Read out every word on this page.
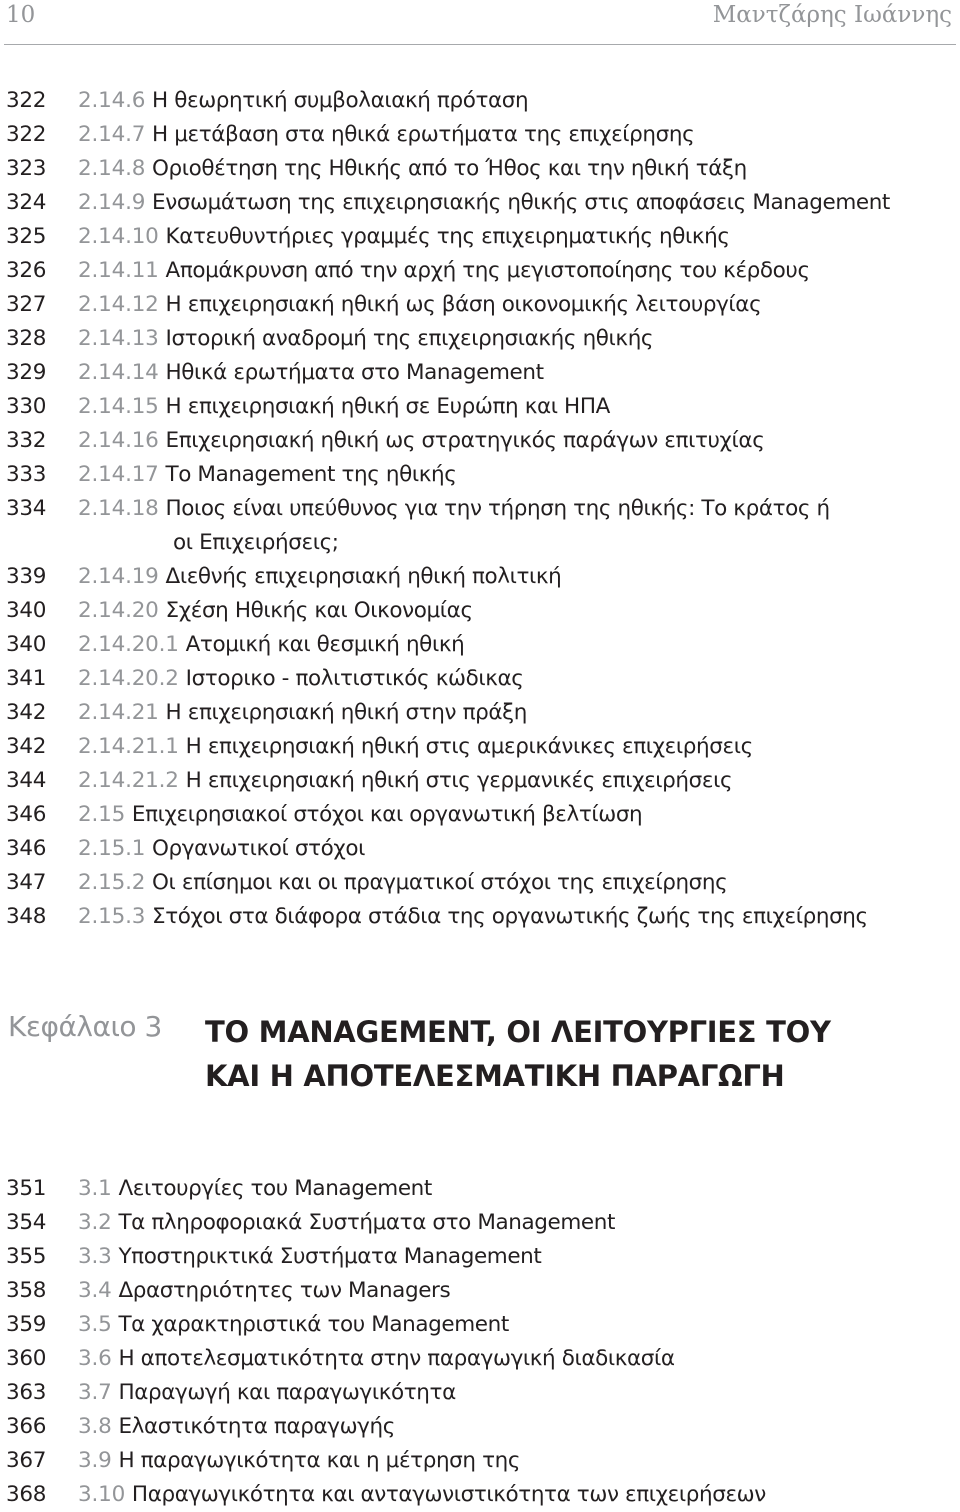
10	Μαντζάρης Ιωάννης
322 2.14.6 Η θεωρητική συμβολαιακή πρόταση
322 2.14.7 Η μετάβαση στα ηθικά ερωτήματα της επιχείρησης
323 2.14.8 Οριοθέτηση της Ηθικής από το Ήθος και την ηθική τάξη
324 2.14.9 Ενσωμάτωση της επιχειρησιακής ηθικής στις αποφάσεις Management
325 2.14.10 Κατευθυντήριες γραμμές της επιχειρηματικής ηθικής
326 2.14.11 Απομάκρυνση από την αρχή της μεγιστοποίησης του κέρδους
327 2.14.12 Η επιχειρησιακή ηθική ως βάση οικονομικής λειτουργίας
328 2.14.13 Ιστορική αναδρομή της επιχειρησιακής ηθικής
329 2.14.14 Ηθικά ερωτήματα στο Management
330 2.14.15 Η επιχειρησιακή ηθική σε Ευρώπη και ΗΠΑ
332 2.14.16 Επιχειρησιακή ηθική ως στρατηγικός παράγων επιτυχίας
333 2.14.17 Το Management της ηθικής
334 2.14.18 Ποιος είναι υπεύθυνος για την τήρηση της ηθικής: Το κράτος ή
οι Επιχειρήσεις;
339 2.14.19 Διεθνής επιχειρησιακή ηθική πολιτική
340 2.14.20 Σχέση Ηθικής και Οικονομίας
340 2.14.20.1 Ατομική και θεσμική ηθική
341 2.14.20.2 Ιστορικο - πολιτιστικός κώδικας
342 2.14.21 Η επιχειρησιακή ηθική στην πράξη
342 2.14.21.1 Η επιχειρησιακή ηθική στις αμερικάνικες επιχειρήσεις
344 2.14.21.2 Η επιχειρησιακή ηθική στις γερμανικές επιχειρήσεις
346 2.15 Επιχειρησιακοί στόχοι και οργανωτική βελτίωση
346 2.15.1 Οργανωτικοί στόχοι
347 2.15.2 Οι επίσημοι και οι πραγματικοί στόχοι της επιχείρησης
348 2.15.3 Στόχοι στα διάφορα στάδια της οργανωτικής ζωής της επιχείρησης
Κεφάλαιο 3 ΤΟ MANAGEMENT, ΟΙ ΛΕΙΤΟΥΡΓΙΕΣ ΤΟΥ
ΚΑΙ Η ΑΠΟΤΕΛΕΣΜΑΤΙΚΗ ΠΑΡΑΓΩΓΗ
351 3.1 Λειτουργίες του Management
354 3.2 Τα πληροφοριακά Συστήματα στο Management
355 3.3 Υποστηρικτικά Συστήματα Management
358 3.4 Δραστηριότητες των Managers
359 3.5 Τα χαρακτηριστικά του Management
360 3.6 Η αποτελεσματικότητα στην παραγωγική διαδικασία
363 3.7 Παραγωγή και παραγωγικότητα
366 3.8 Ελαστικότητα παραγωγής
367 3.9 Η παραγωγικότητα και η μέτρηση της
368 3.10 Παραγωγικότητα και ανταγωνιστικότητα των επιχειρήσεων
